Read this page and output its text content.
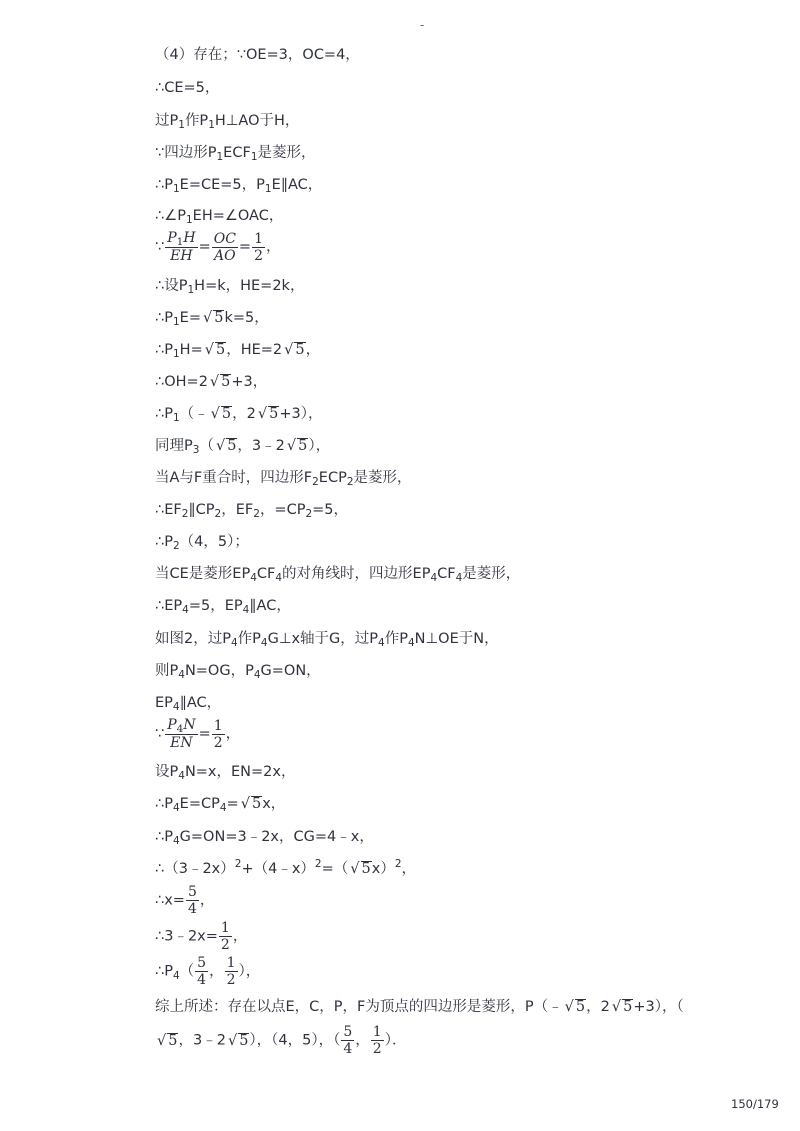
-
（4）存在；∵OE=3，OC=4，
∴CE=5，
过$P_1$作$P_1H\perp AO$于H，
∵四边形$P_1ECF_1$是菱形，
$\therefore P_1E=CE=5$，$P_1E\parallel AC$，
$\therefore\angle P_1EH=\angle OAC$，
∵ $\frac{P_1H}{EH} = \frac{OC}{AO} = \frac{1}{2}$ ，
∴设$P_1H=k$，HE=2k，
$\therefore P_1E=$ √ 5k=5，
$\therefore P_1H=$ √ 5，HE=2 √ 5，
∴OH=2 √ 5+3，
$\therefore P_1(﹣$ √ 5，2 √ 5+3），
同理$P_3$（ √ 5，3﹣2 √ 5），
当A与F重合时，四边形$F_2ECP_2$是菱形，
$\therefore EF_2\parallel CP_2$，$EF_2$，$=CP_2=5$，
$\therefore P_2(4$，5）；
当CE是菱形$EP_4CF_4$的对角线时，四边形$EP_4CF_4$是菱形，
$\therefore EP_4=5$，$EP_4\parallel AC$，
如图2，过$P_4$作$P_4G\perp x$轴于G，过$P_4$作$P_4N\perp OE$于N，
则$P_4N=OG$，$P_4G=ON$，
$EP_4\parallel AC$，
∵ $\frac{P_4N}{EN} = \frac{1}{2}$ ，
设$P_4N=x$，EN=2x，
$\therefore P_4E=CP_4=$ √ 5x，
$\therefore P_4G=ON=3﹣2x$，CG=4﹣x，
∴（3﹣2x）$^2$+（4﹣x）$^2$=（ √ 5x）$^2$，
∴x= $\frac{5}{4}$ ，
∴3﹣2x= $\frac{1}{2}$ ，
$\therefore P_4( \frac{5}{4}$ ， $\frac{1}{2}$ ），
综上所述：存在以点E，C，P，F为顶点的四边形是菱形，P（﹣ √ 5，2 √ 5+3），（
√ 5，3﹣2 √ 5），（4，5），（ $\frac{5}{4}$ ， $\frac{1}{2}$ ）．
150/179
